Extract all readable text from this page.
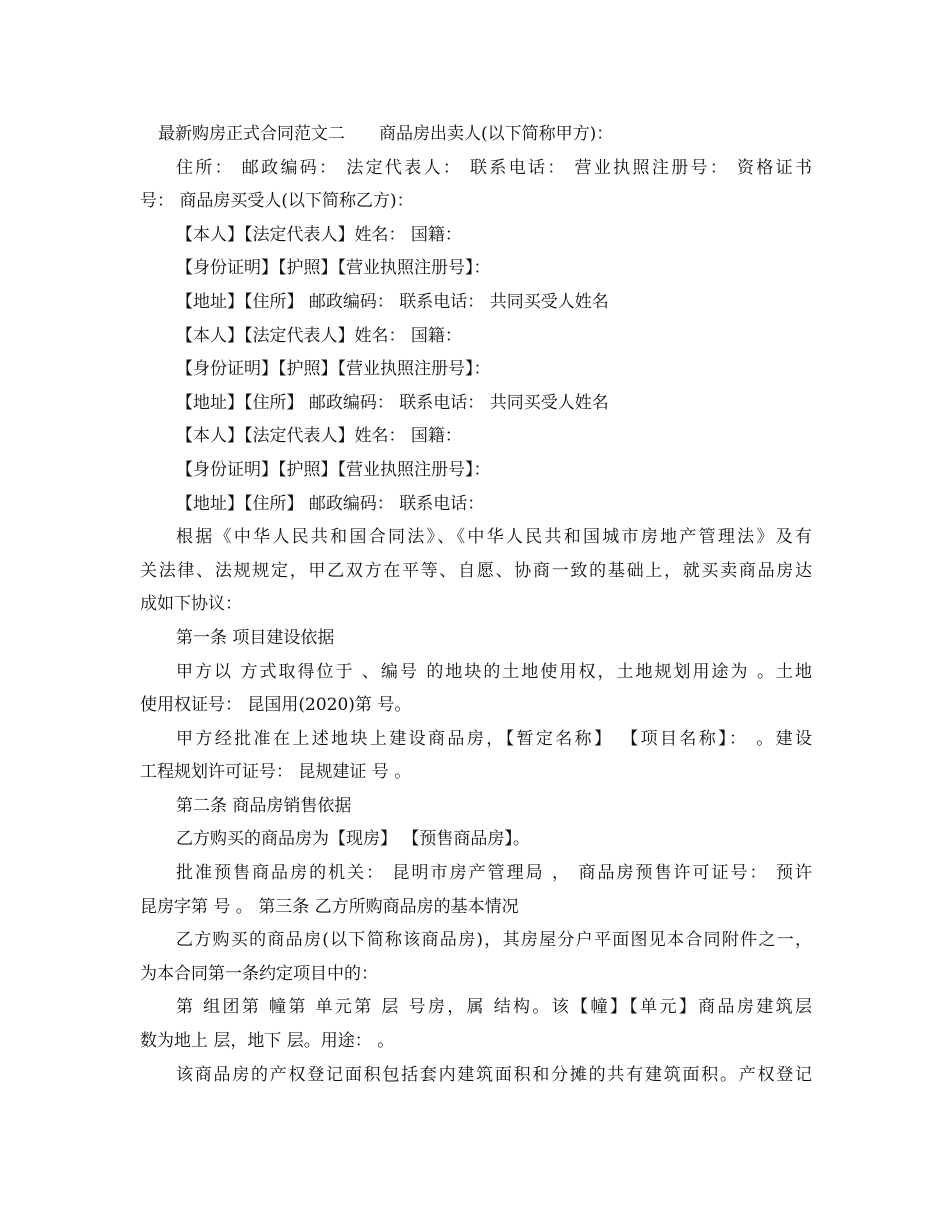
最新购房正式合同范文二 商品房出卖人(以下简称甲方)：
住所： 邮政编码： 法定代表人： 联系电话： 营业执照注册号： 资格证书
号： 商品房买受人(以下简称乙方)：
【本人】【法定代表人】姓名： 国籍：
【身份证明】【护照】【营业执照注册号】：
【地址】【住所】 邮政编码： 联系电话： 共同买受人姓名
【本人】【法定代表人】姓名： 国籍：
【身份证明】【护照】【营业执照注册号】：
【地址】【住所】 邮政编码： 联系电话： 共同买受人姓名
【本人】【法定代表人】姓名： 国籍：
【身份证明】【护照】【营业执照注册号】：
【地址】【住所】 邮政编码： 联系电话：
根据《中华人民共和国合同法》、《中华人民共和国城市房地产管理法》及有
关法律、法规规定，甲乙双方在平等、自愿、协商一致的基础上，就买卖商品房达
成如下协议：
第一条 项目建设依据
甲方以 方式取得位于 、编号 的地块的土地使用权，土地规划用途为 。土地
使用权证号： 昆国用(2020)第 号。
甲方经批准在上述地块上建设商品房，【暂定名称】 【项目名称】： 。建设
工程规划许可证号： 昆规建证 号 。
第二条 商品房销售依据
乙方购买的商品房为【现房】 【预售商品房】。
批准预售商品房的机关： 昆明市房产管理局 ， 商品房预售许可证号： 预许
昆房字第 号 。 第三条 乙方所购商品房的基本情况
乙方购买的商品房(以下简称该商品房)，其房屋分户平面图见本合同附件之一，
为本合同第一条约定项目中的：
第 组团第 幢第 单元第 层 号房，属 结构。该【幢】【单元】商品房建筑层
数为地上 层，地下 层。用途： 。
该商品房的产权登记面积包括套内建筑面积和分摊的共有建筑面积。产权登记
